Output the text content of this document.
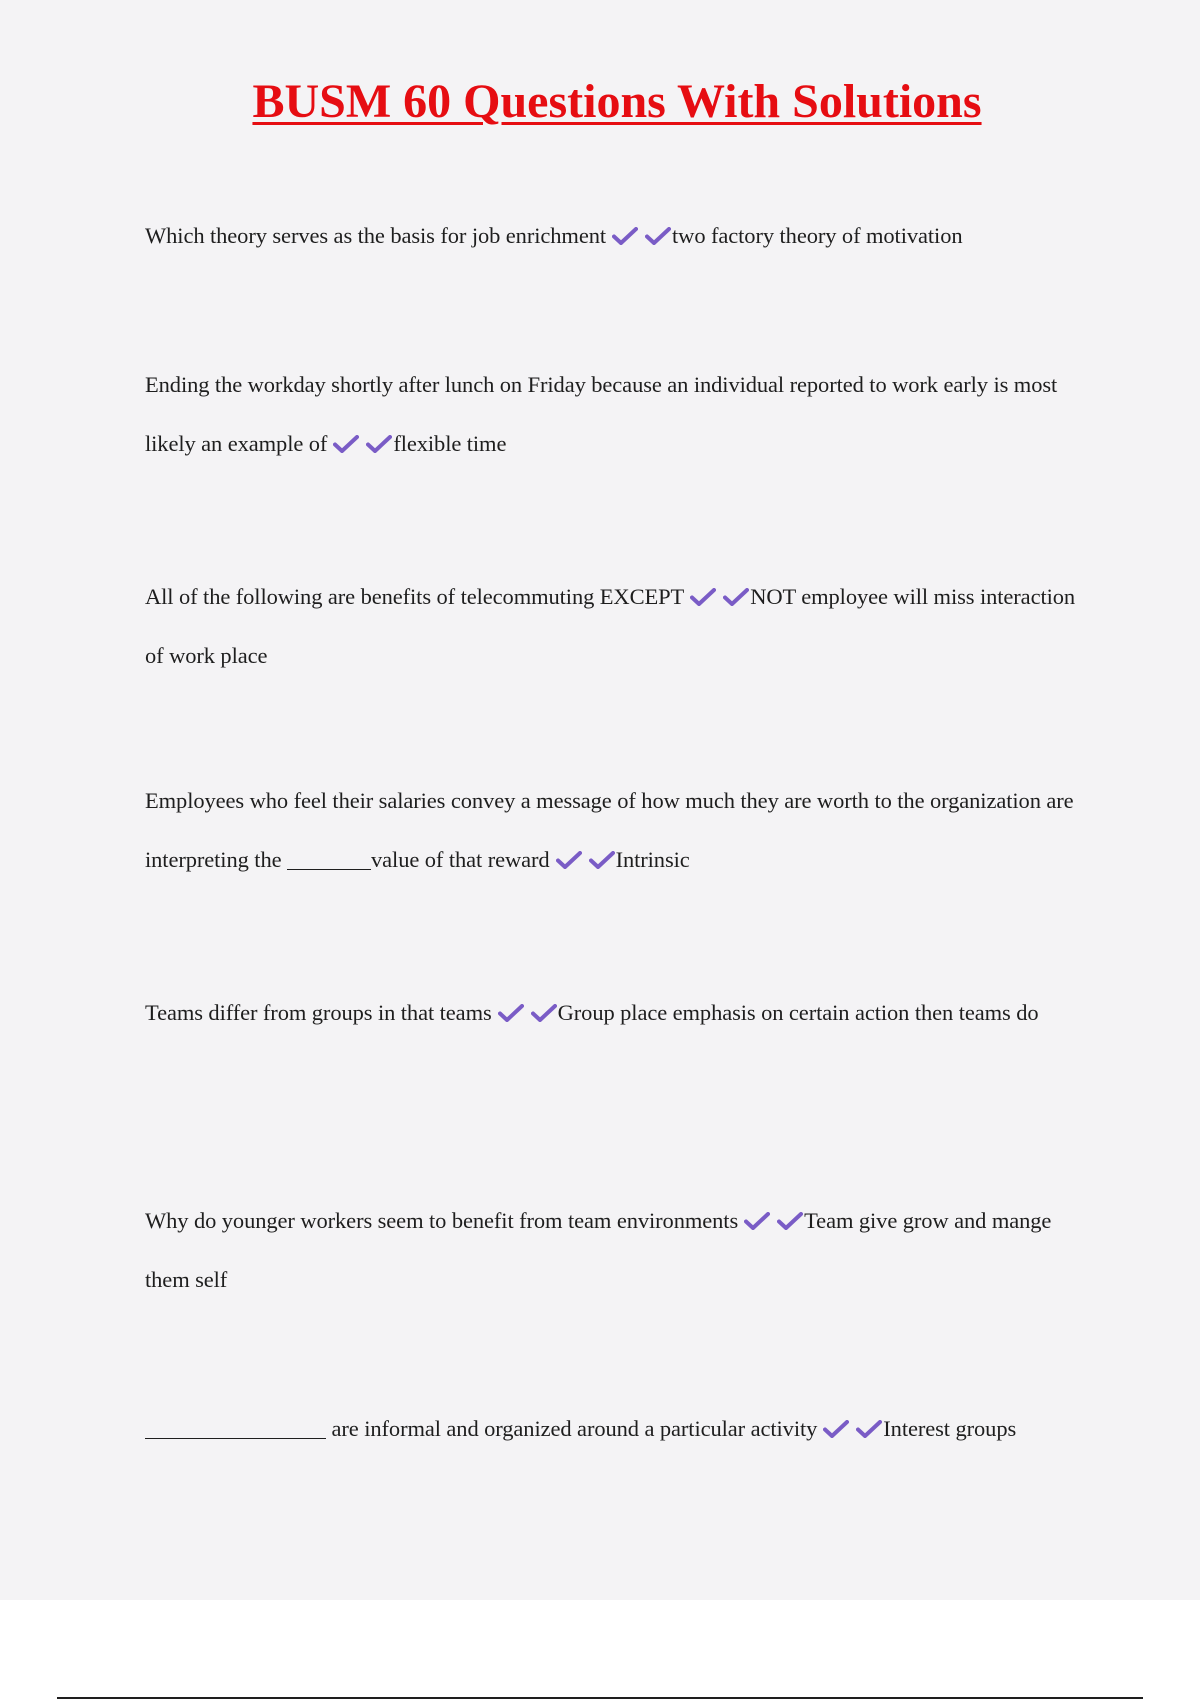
BUSM 60 Questions With Solutions

Which theory serves as the basis for job enrichment	two factory theory of motivation

Ending the workday shortly after lunch on Friday because an individual reported to work early is most likely an example of	flexible time

All of the following are benefits of telecommuting EXCEPT	NOT employee will miss interaction of work place

Employees who feel their salaries convey a message of how much they are worth to the organization are interpreting the	value of that reward	Intrinsic

Teams differ from groups in that teams	Group place emphasis on certain action then teams do

Why do younger workers seem to benefit from team environments	Team give grow and mange them self

are informal and organized around a particular activity	Interest groups
